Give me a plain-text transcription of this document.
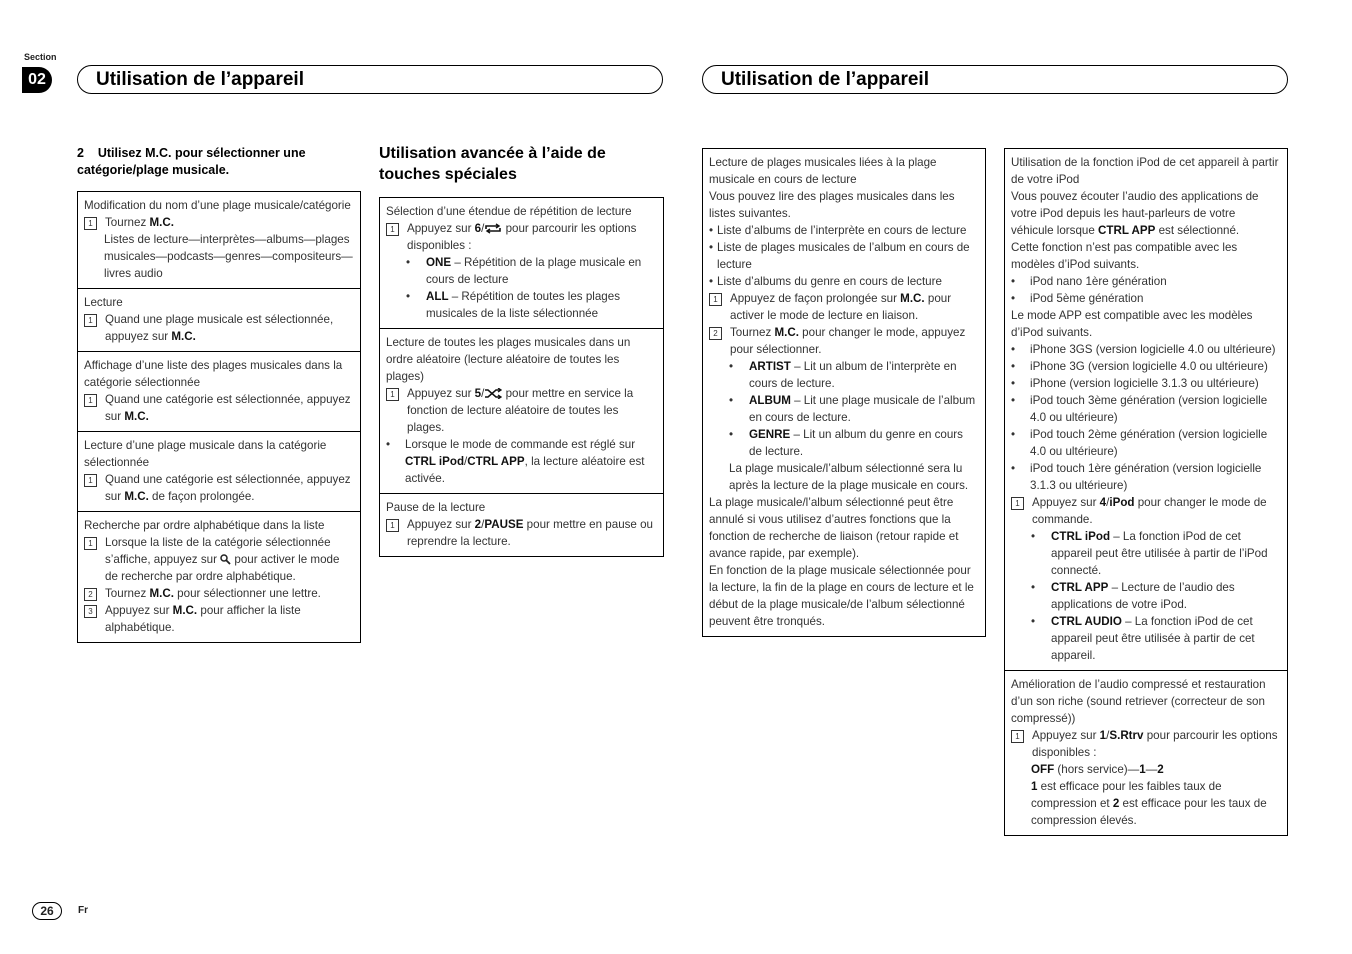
Section
02	Utilisation de l’appareil	Utilisation de l’appareil
2 Utilisez M.C. pour sélectionner une catégorie/plage musicale.
Modification du nom d’une plage musicale/catégorie
1	Tournez M.C.
Listes de lecture—interprètes—albums—plages musicales—podcasts—genres—compositeurs—livres audio
Lecture
1	Quand une plage musicale est sélectionnée, appuyez sur M.C.
Affichage d’une liste des plages musicales dans la catégorie sélectionnée
1	Quand une catégorie est sélectionnée, appuyez sur M.C.
Lecture d’une plage musicale dans la catégorie sélectionnée
1	Quand une catégorie est sélectionnée, appuyez sur M.C. de façon prolongée.
Recherche par ordre alphabétique dans la liste
1	Lorsque la liste de la catégorie sélectionnée s’affiche, appuyez sur  pour activer le mode de recherche par ordre alphabétique.
2	Tournez M.C. pour sélectionner une lettre.
3	Appuyez sur M.C. pour afficher la liste alphabétique.
Utilisation avancée à l’aide de touches spéciales
Sélection d’une étendue de répétition de lecture
1	Appuyez sur 6/ pour parcourir les options disponibles :
•	ONE – Répétition de la plage musicale en cours de lecture
•	ALL – Répétition de toutes les plages musicales de la liste sélectionnée
Lecture de toutes les plages musicales dans un ordre aléatoire (lecture aléatoire de toutes les plages)
1	Appuyez sur 5/ pour mettre en service la fonction de lecture aléatoire de toutes les plages.
•	Lorsque le mode de commande est réglé sur CTRL iPod/CTRL APP, la lecture aléatoire est activée.
Pause de la lecture
1	Appuyez sur 2/PAUSE pour mettre en pause ou reprendre la lecture.
Lecture de plages musicales liées à la plage musicale en cours de lecture
Vous pouvez lire des plages musicales dans les listes suivantes.
• Liste d’albums de l’interprète en cours de lecture
• Liste de plages musicales de l’album en cours de lecture
• Liste d’albums du genre en cours de lecture
1	Appuyez de façon prolongée sur M.C. pour activer le mode de lecture en liaison.
2	Tournez M.C. pour changer le mode, appuyez pour sélectionner.
•	ARTIST – Lit un album de l’interprète en cours de lecture.
•	ALBUM – Lit une plage musicale de l’album en cours de lecture.
•	GENRE – Lit un album du genre en cours de lecture.
La plage musicale/l’album sélectionné sera lu après la lecture de la plage musicale en cours.
La plage musicale/l’album sélectionné peut être annulé si vous utilisez d’autres fonctions que la fonction de recherche de liaison (retour rapide et avance rapide, par exemple).
En fonction de la plage musicale sélectionnée pour la lecture, la fin de la plage en cours de lecture et le début de la plage musicale/de l’album sélectionné peuvent être tronqués.
Utilisation de la fonction iPod de cet appareil à partir de votre iPod
Vous pouvez écouter l’audio des applications de votre iPod depuis les haut-parleurs de votre véhicule lorsque CTRL APP est sélectionné.
Cette fonction n’est pas compatible avec les modèles d’iPod suivants.
•	iPod nano 1ère génération
•	iPod 5ème génération
Le mode APP est compatible avec les modèles d’iPod suivants.
•	iPhone 3GS (version logicielle 4.0 ou ultérieure)
•	iPhone 3G (version logicielle 4.0 ou ultérieure)
•	iPhone (version logicielle 3.1.3 ou ultérieure)
•	iPod touch 3ème génération (version logicielle 4.0 ou ultérieure)
•	iPod touch 2ème génération (version logicielle 4.0 ou ultérieure)
•	iPod touch 1ère génération (version logicielle 3.1.3 ou ultérieure)
1	Appuyez sur 4/iPod pour changer le mode de commande.
•	CTRL iPod – La fonction iPod de cet appareil peut être utilisée à partir de l’iPod connecté.
•	CTRL APP – Lecture de l’audio des applications de votre iPod.
•	CTRL AUDIO – La fonction iPod de cet appareil peut être utilisée à partir de cet appareil.
Amélioration de l’audio compressé et restauration d’un son riche (sound retriever (correcteur de son compressé))
1	Appuyez sur 1/S.Rtrv pour parcourir les options disponibles :
OFF (hors service)—1—2
1 est efficace pour les faibles taux de compression et 2 est efficace pour les taux de compression élevés.
26	Fr
